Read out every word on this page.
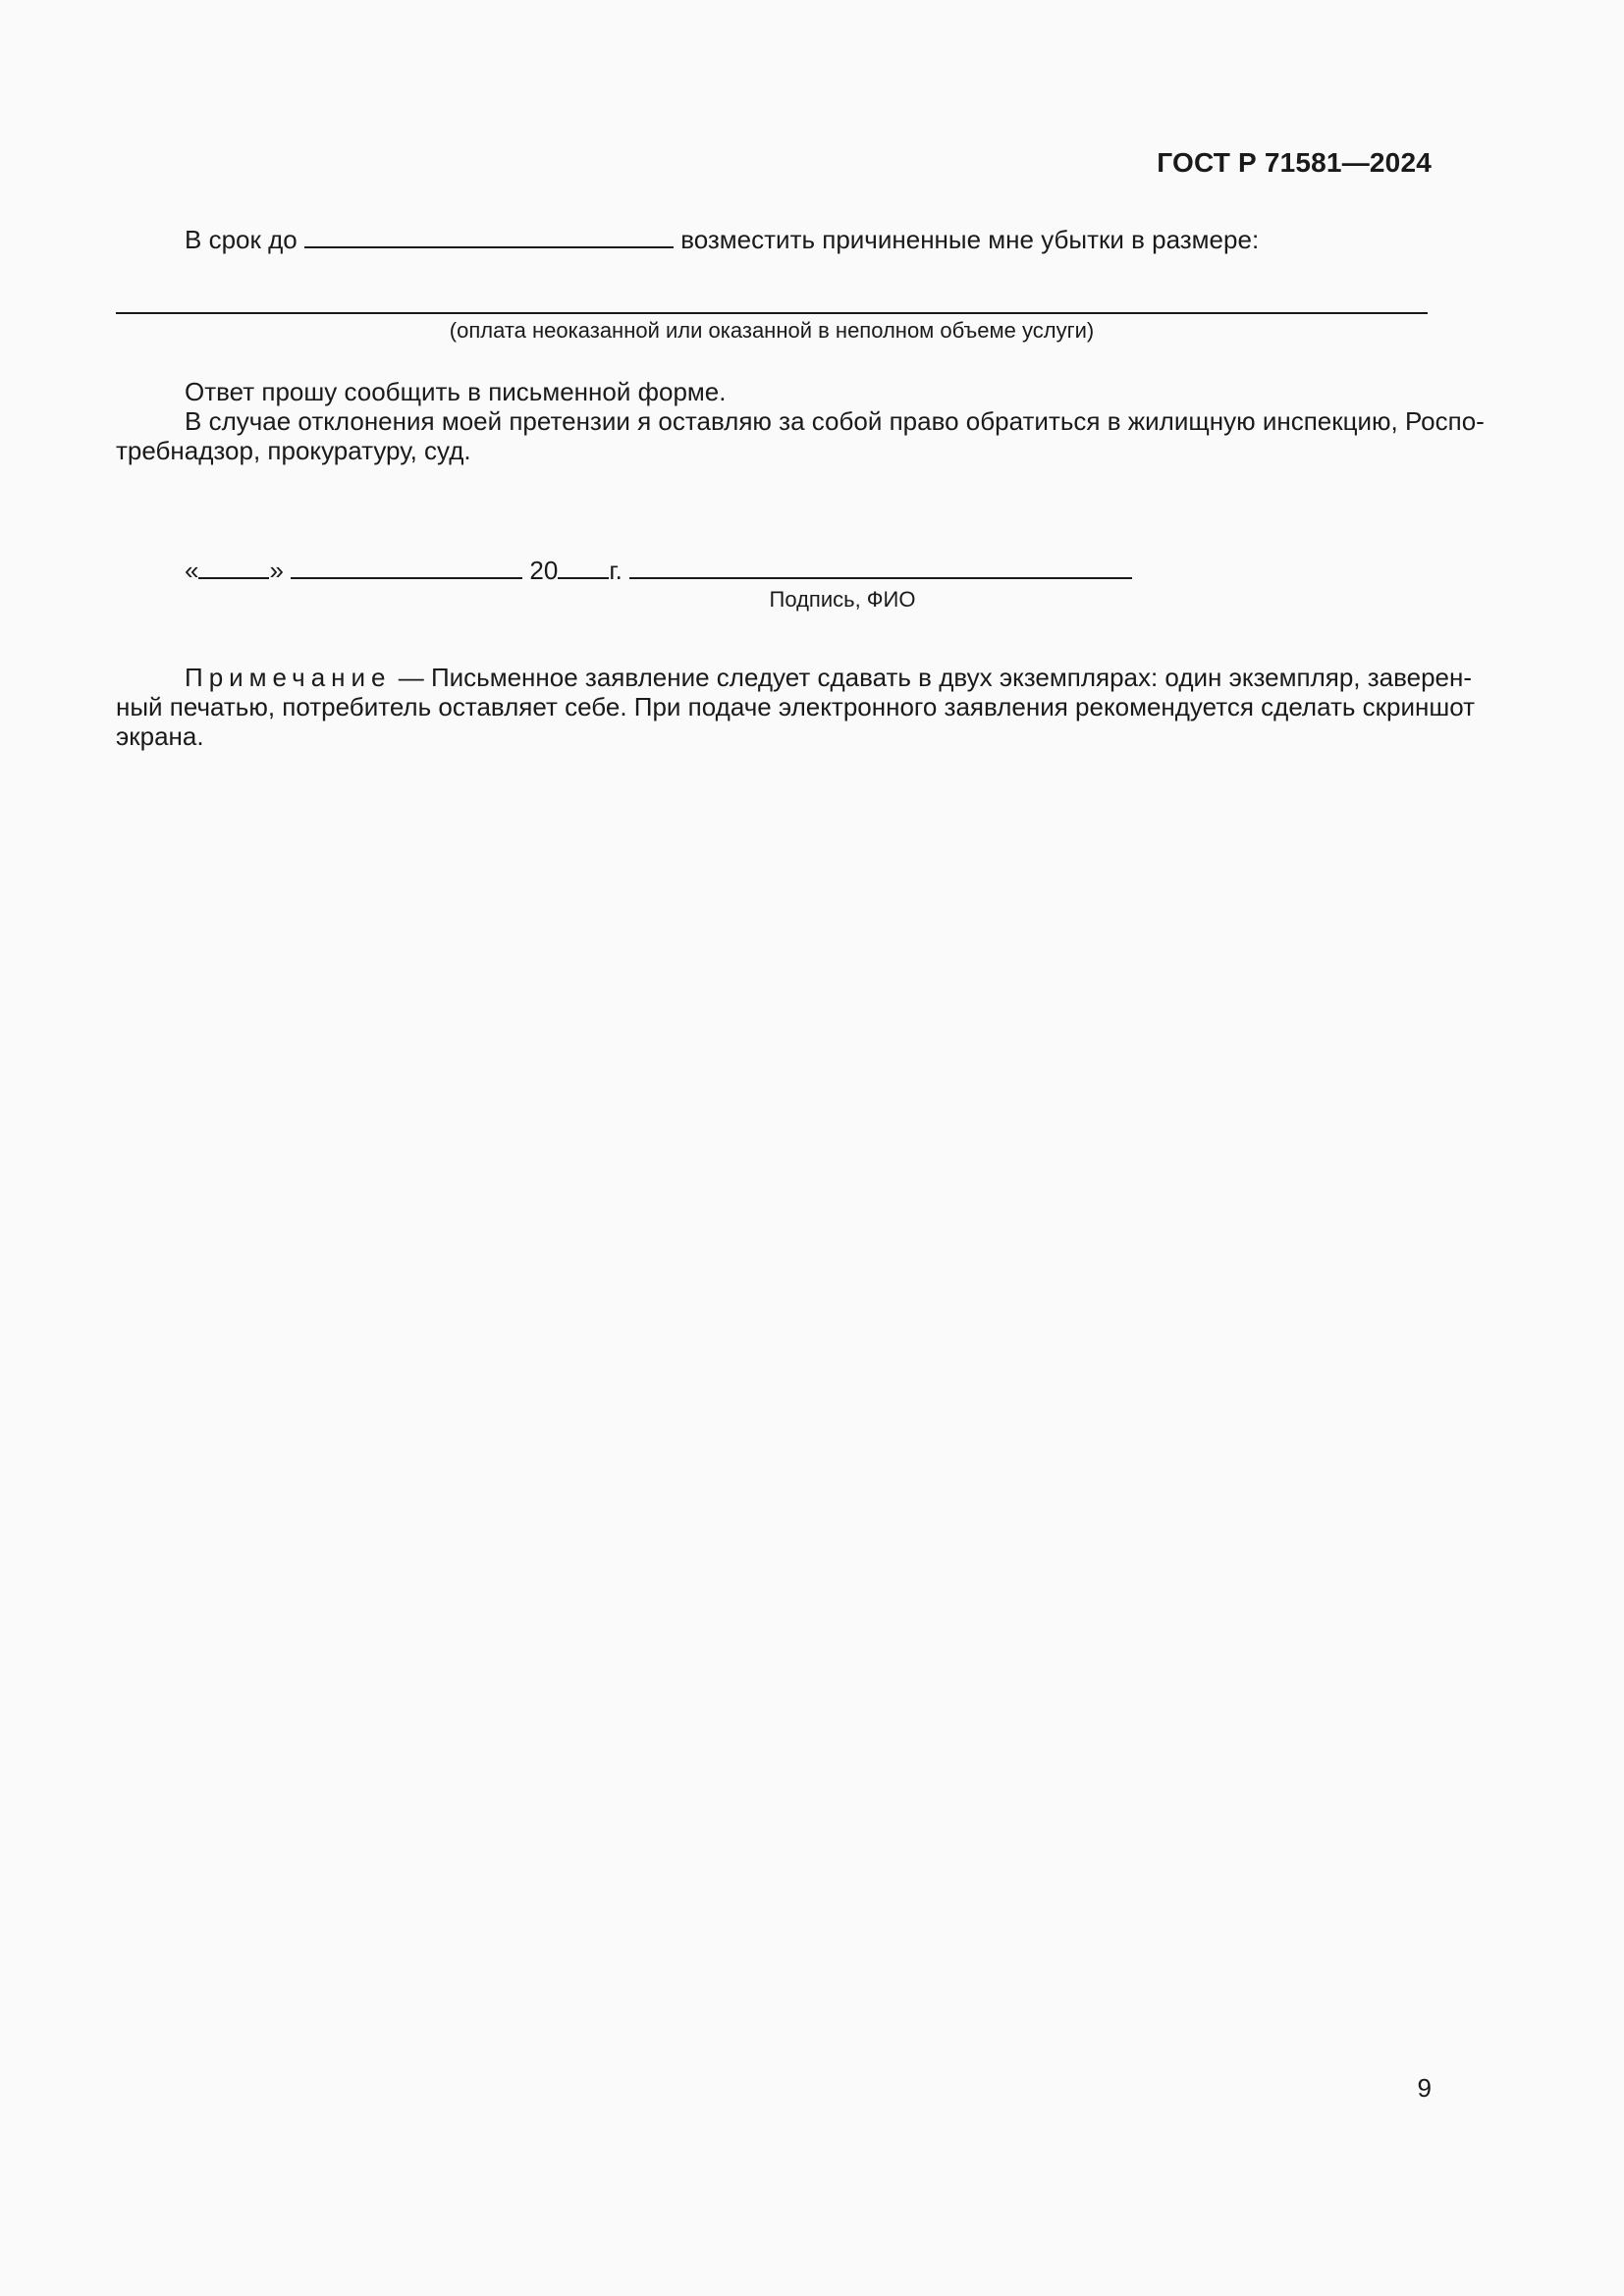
ГОСТ Р 71581—2024
В срок до	возместить причиненные мне убытки в размере:
(оплата неоказанной или оказанной в неполном объеме услуги)
Ответ прошу сообщить в письменной форме.
В случае отклонения моей претензии я оставляю за собой право обратиться в жилищную инспекцию, Роспо-
требнадзор, прокуратуру, суд.
«	»	20 г.
Подпись, ФИО
Примечание — Письменное заявление следует сдавать в двух экземплярах: один экземпляр, заверен-
ный печатью, потребитель оставляет себе. При подаче электронного заявления рекомендуется сделать скриншот
экрана.
9
